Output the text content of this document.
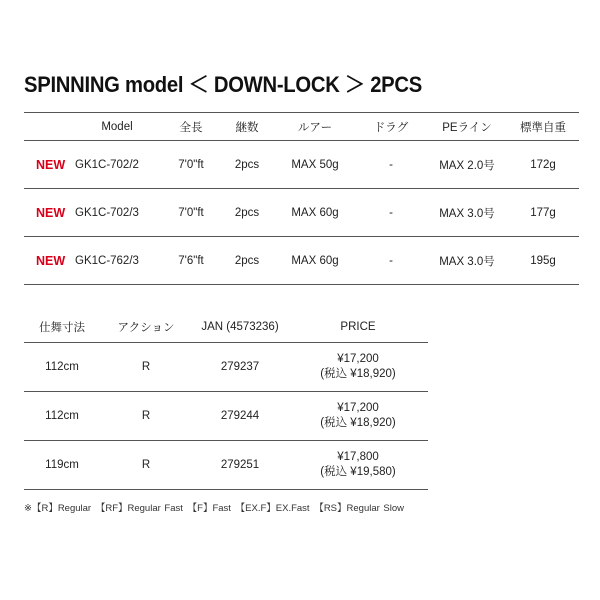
SPINNING model ＜ DOWN-LOCK ＞ 2PCS
	Model	全長	継数	ルアー	ドラグ	PEライン	標準自重
NEW	GK1C-702/2	7'0"ft	2pcs	MAX 50g	-	MAX 2.0号	172g
NEW	GK1C-702/3	7'0"ft	2pcs	MAX 60g	-	MAX 3.0号	177g
NEW	GK1C-762/3	7'6"ft	2pcs	MAX 60g	-	MAX 3.0号	195g
仕舞寸法	アクション	JAN (4573236)	PRICE
112cm	R	279237	¥17,200
(税込 ¥18,920)

112cm	R	279244	¥17,200
(税込 ¥18,920)

119cm	R	279251	¥17,800
(税込 ¥19,580)
※【R】Regular　【RF】Regular Fast　【F】Fast　【EX.F】EX.Fast　【RS】Regular Slow
